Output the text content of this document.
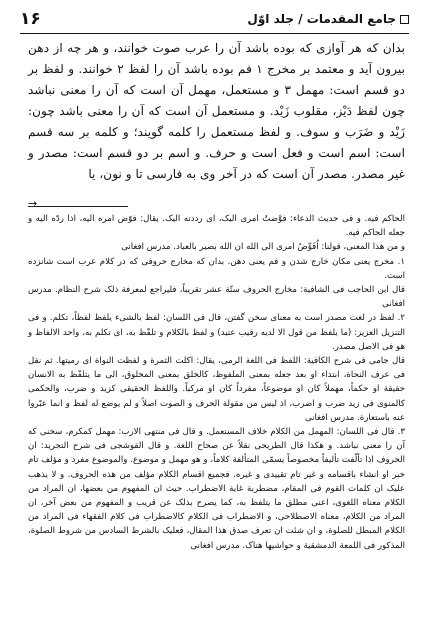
جامع المقدمات / جلد اوّل
۱۶

بدان که هر آوازی که بوده باشد آن را عرب صوت خوانند، و هر چه از دهن بیرون آید و معتمد بر مخرج ۱ فم بوده باشد آن را لفظ ۲ خوانند. و لفظ بر دو قسم است: مهمل ۳ و مستعمل، مهمل آن است که آن را معنی نباشد چون لفظ دَیْز، مقلوب زَیْد. و مستعمل آن است که آن را معنی باشد چون: زَیْد و ضَرَب و سوف. و لفظ مستعمل را کلمه گویند؛ و کلمه بر سه قسم است: اسم است و فعل است و حرف. و اسم بر دو قسم است: مصدر و غیر مصدر. مصدر آن است که در آخر وی به فارسی تا و نون، یا

→

الحاکم فیه. و فی حدیث الدعاء: فوَّضتُ امری الیک، ای رددته الیک. یقال: فوّض امره الیه، اذا ردّه الیه و جعله الحاکم فیه.

و من هذا المعنی، قولنا: اُفَوِّضُ امری الی الله ان الله بصیر بالعباد. مدرس افغانی

۱. مخرج یعنی مکان خارج شدن و فم یعنی دهن. بدان که مخارج حروفی که در کلام عرب است شانزده است.

قال ابن الحاجب فی الشافیة: مخارج الحروف ستّة عشر تقریباً، فلیراجع لمعرفة ذلک شرح النظام. مدرس افغانی

۲. لفظ در لغت مصدر است به معنای سخن گفتن، قال فی اللسان: لفظ بالشیء یلفظ لفظاً، تکلم. و فی التنزیل العزیز: (ما یلفظ من قول الا لدیه رقیب عتید) و لفظ بالکلام و تلفّظ به، ای تکلم به، واحد الالفاظ و هو فی الاصل مصدر.

قال جامی فی شرح الکافیة: اللفظ فی اللغة الرمی، یقال: اکلت الثمرة و لفظت النواة ای رمیتها. ثم نقل فی عرف النحاة، ابتداء او بعد جعله بمعنی الملفوظ، کالخلق بمعنی المخلوق، الی ما یتلفّظ به الانسان حقیقة او حکماً، مهملاً کان او موضوعاً، مفرداً کان او مرکباً. واللفظ الحقیقی کزید و ضرب، والحکمی کالمنوی فی زید ضرب و اضرب، اذ لیس من مقولة الحرف و الصوت اصلاً و لم یوضع له لفظ و انما عبّروا عنه باستعارة. مدرس افغانی

۳. قال فی اللسان: المهمل من الکلام خلاف المستعمل. و قال فی منتهی الارب: مهمل کمکرم، سخنی که آن را معنی نباشد. و هکذا قال الطریحی نقلاً عن صحاح اللغة. و قال القوشجی فی شرح التجرید: ان الحروف اذا تألّفت تألیفاً مخصوصاً یسمّی المتألفة کلاماً، و هو مهمل و موضوع. والموضوع مفرد و مؤلف تام خبر او انشاء باقسامه و غیر تام تقییدی و غیره. فجمیع اقسام الکلام مؤلف من هذه الحروف. و لا یذهب علیک ان کلمات القوم فی المقام، مضطربة غایة الاضطراب. حیث ان المفهوم من بعضها، ان المراد من الکلام معناه اللغوی، اعنی مطلق ما یتلفظ به، کما یصرح بذلک عن قریب و المفهوم من بعض آخر، ان المراد من الکلام، معناه الاصطلاحی، و الاضطراب فی الکلام کالاضطراب فی کلام الفقهاء فی المراد من الکلام المبطل للصلوة، و ان شئت ان تعرف صدق هذا المقال، فعلیک بالشرط السادس من شروط الصلوة، المذکور فی اللمعة الدمشقیة و حواشیها هناک. مدرس افغانی
